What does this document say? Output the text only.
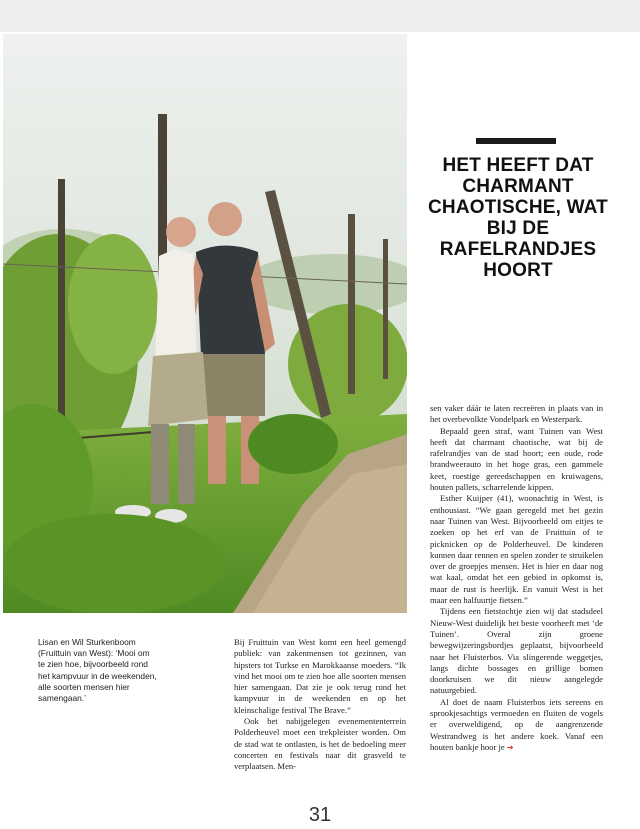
HET HEEFT DAT CHARMANT CHAOTISCHE, WAT BIJ DE RAFELRANDJES HOORT
Lisan en Wil Sturkenboom (Fruittuin van West): ‘Mooi om te zien hoe, bijvoorbeeld rond het kampvuur in de weekenden, alle soorten mensen hier samengaan.’

Bij Fruittuin van West komt een heel gemengd publiek: van zakenmensen tot gezinnen, van hipsters tot Turkse en Marokkaanse moeders. “Ik vind het mooi om te zien hoe alle soorten mensen hier samengaan. Dat zie je ook terug rond het kampvuur in de weekenden en op het kleinschalige festival The Brave.”

Ook het nabijgelegen evenemententerrein Polderheuvel moet een trekpleister worden. Om de stad wat te ontlasten, is het de bedoeling meer concerten en festivals naar dit grasveld te verplaatsen. Men-

sen vaker dáár te laten recreëren in plaats van in het overbevolkte Vondelpark en Westerpark.

Bepaald geen straf, want Tuinen van West heeft dat charmant chaotische, wat bij de rafelrandjes van de stad hoort; een oude, rode brandweerauto in het hoge gras, een gammele keet, roestige gereedschappen en kruiwagens, houten pallets, scharrelende kippen.

Esther Kuijper (41), woonachtig in West, is enthousiast. “We gaan geregeld met het gezin naar Tuinen van West. Bijvoorbeeld om eitjes te zoeken op het erf van de Fruittuin of te picknicken op de Polderheuvel. De kinderen kunnen daar rennen en spelen zonder te struikelen over de groepjes mensen. Het is hier en daar nog wat kaal, omdat het een gebied in opkomst is, maar de rust is heerlijk. En vanuit West is het maar een halfuurtje fietsen.”

Tijdens een fietstochtje zien wij dat stadsdeel Nieuw-West duidelijk het beste voorheeft met ‘de Tuinen’. Overal zijn groene bewegwijzeringsbordjes geplaatst, bijvoorbeeld naar het Fluisterbos. Via slingerende weggetjes, langs dichte bossages en grillige bomen doorkruisen we dit nieuw aangelegde natuurgebied.

Al doet de naam Fluisterbos iets sereens en sprookjesachtigs vermoeden en fluiten de vogels er overweldigend, op de aangrenzende Westrandweg is het andere koek. Vanaf een houten bankje hoor je ➔

31
